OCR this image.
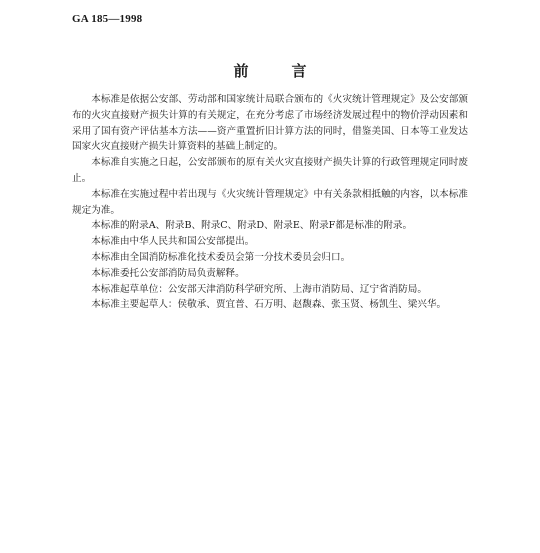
GA 185—1998
前　言

本标准是依据公安部、劳动部和国家统计局联合颁布的《火灾统计管理规定》及公安部颁布的火灾直接财产损失计算的有关规定，在充分考虑了市场经济发展过程中的物价浮动因素和采用了国有资产评估基本方法——资产重置折旧计算方法的同时，借鉴美国、日本等工业发达国家火灾直接财产损失计算资料的基础上制定的。

本标准自实施之日起，公安部颁布的原有关火灾直接财产损失计算的行政管理规定同时废止。

本标准在实施过程中若出现与《火灾统计管理规定》中有关条款相抵触的内容，以本标准规定为准。

本标准的附录A、附录B、附录C、附录D、附录E、附录F都是标准的附录。

本标准由中华人民共和国公安部提出。

本标准由全国消防标准化技术委员会第一分技术委员会归口。

本标准委托公安部消防局负责解释。

本标准起草单位：公安部天津消防科学研究所、上海市消防局、辽宁省消防局。

本标准主要起草人：侯敬承、贾宜普、石万明、赵馥森、张玉贤、杨凯生、梁兴华。
